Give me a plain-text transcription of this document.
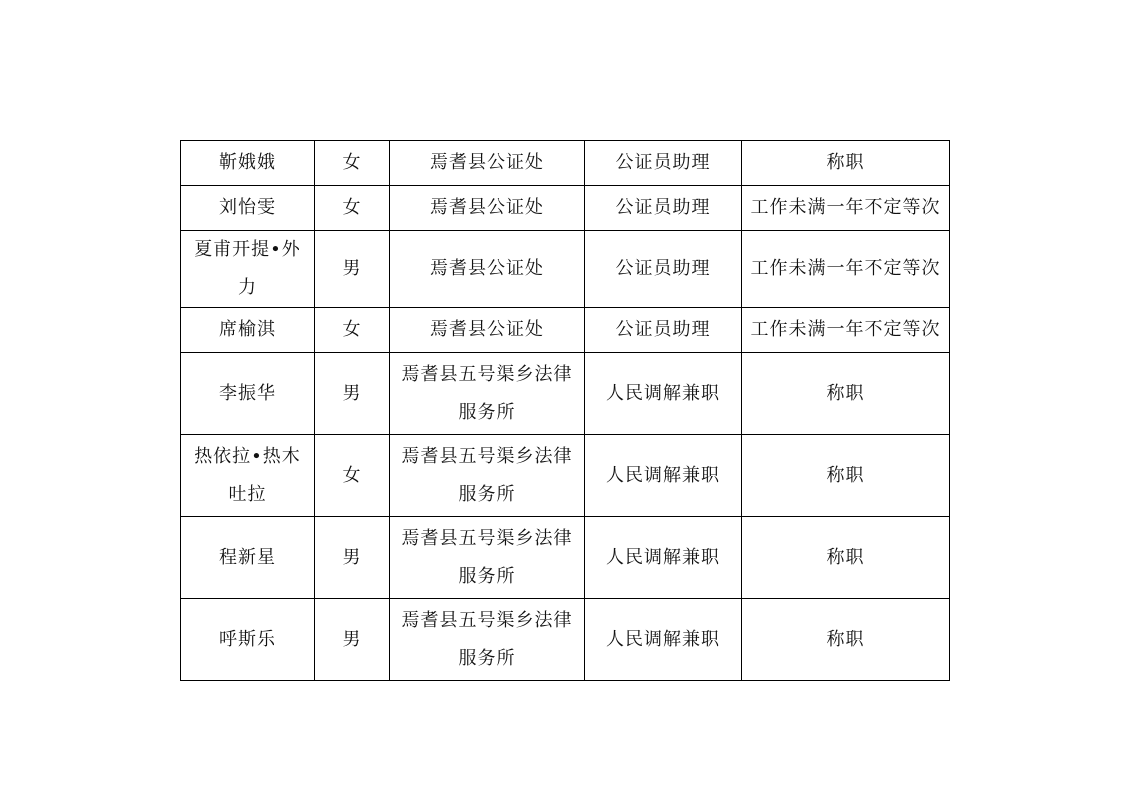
靳娥娥	女	焉耆县公证处	公证员助理	称职
刘怡雯	女	焉耆县公证处	公证员助理	工作未满一年不定等次
夏甫开提•外力	男	焉耆县公证处	公证员助理	工作未满一年不定等次
席榆淇	女	焉耆县公证处	公证员助理	工作未满一年不定等次
李振华	男	焉耆县五号渠乡法律服务所	人民调解兼职	称职
热依拉•热木吐拉	女	焉耆县五号渠乡法律服务所	人民调解兼职	称职
程新星	男	焉耆县五号渠乡法律服务所	人民调解兼职	称职
呼斯乐	男	焉耆县五号渠乡法律服务所	人民调解兼职	称职
